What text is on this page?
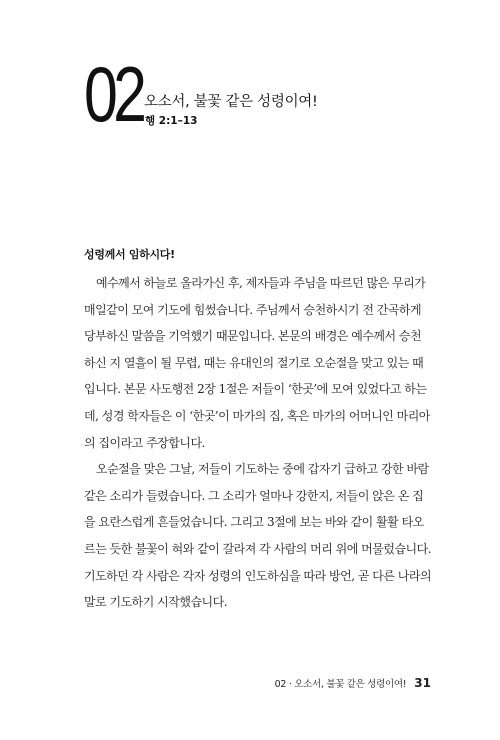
02 오소서, 불꽃 같은 성령이여!
행 2:1–13
성령께서 임하시다!
예수께서 하늘로 올라가신 후, 제자들과 주님을 따르던 많은 무리가
매일같이 모여 기도에 힘썼습니다. 주님께서 승천하시기 전 간곡하게
당부하신 말씀을 기억했기 때문입니다. 본문의 배경은 예수께서 승천
하신 지 열흘이 될 무렵, 때는 유대인의 절기로 오순절을 맞고 있는 때
입니다. 본문 사도행전 2장 1절은 저들이 ‘한곳’에 모여 있었다고 하는
데, 성경 학자들은 이 ‘한곳’이 마가의 집, 혹은 마가의 어머니인 마리아
의 집이라고 주장합니다.
오순절을 맞은 그날, 저들이 기도하는 중에 갑자기 급하고 강한 바람
같은 소리가 들렸습니다. 그 소리가 얼마나 강한지, 저들이 앉은 온 집
을 요란스럽게 흔들었습니다. 그리고 3절에 보는 바와 같이 활활 타오
르는 듯한 불꽃이 혀와 같이 갈라져 각 사람의 머리 위에 머물렀습니다.
기도하던 각 사람은 각자 성령의 인도하심을 따라 방언, 곧 다른 나라의
말로 기도하기 시작했습니다.
02 · 오소서, 불꽃 같은 성령이여! 31
